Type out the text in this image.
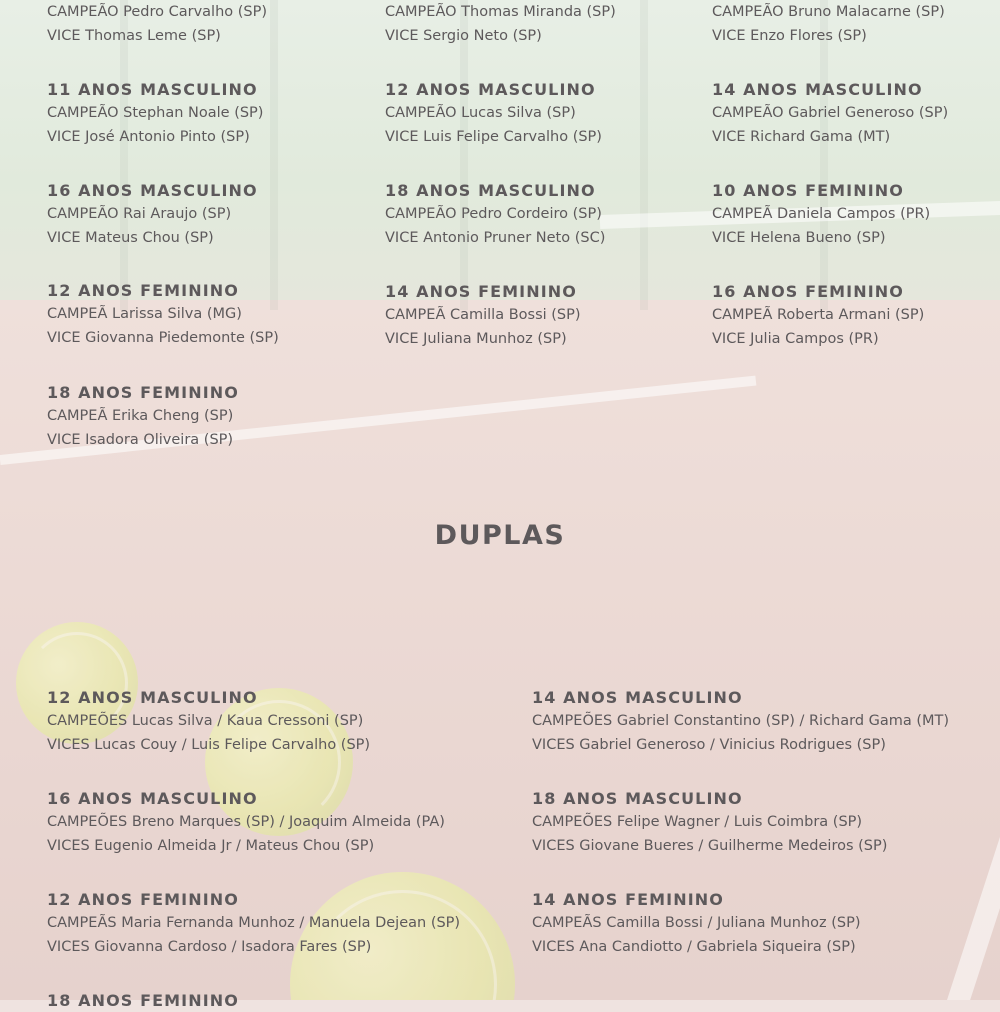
CAMPEÃO Pedro Carvalho (SP)
VICE Thomas Leme (SP)
CAMPEÃO Thomas Miranda (SP)
VICE Sergio Neto (SP)
CAMPEÃO Bruno Malacarne (SP)
VICE Enzo Flores (SP)
11 ANOS MASCULINO
CAMPEÃO Stephan Noale (SP)
VICE José Antonio Pinto (SP)
12 ANOS MASCULINO
CAMPEÃO Lucas Silva (SP)
VICE Luis Felipe Carvalho (SP)
14 ANOS MASCULINO
CAMPEÃO Gabriel Generoso (SP)
VICE Richard Gama (MT)
16 ANOS MASCULINO
CAMPEÃO Rai Araujo (SP)
VICE Mateus Chou (SP)
18 ANOS MASCULINO
CAMPEÃO Pedro Cordeiro (SP)
VICE Antonio Pruner Neto (SC)
10 ANOS FEMININO
CAMPEÃ Daniela Campos (PR)
VICE Helena Bueno (SP)
12 ANOS FEMININO
CAMPEÃ Larissa Silva (MG)
VICE Giovanna Piedemonte (SP)
14 ANOS FEMININO
CAMPEÃ Camilla Bossi (SP)
VICE Juliana Munhoz (SP)
16 ANOS FEMININO
CAMPEÃ Roberta Armani (SP)
VICE Julia Campos (PR)
18 ANOS FEMININO
CAMPEÃ Erika Cheng (SP)
VICE Isadora Oliveira (SP)
DUPLAS
12 ANOS MASCULINO
CAMPEÕES Lucas Silva / Kaua Cressoni (SP)
VICES Lucas Couy / Luis Felipe Carvalho (SP)
14 ANOS MASCULINO
CAMPEÕES Gabriel Constantino (SP) / Richard Gama (MT)
VICES Gabriel Generoso / Vinicius Rodrigues (SP)
16 ANOS MASCULINO
CAMPEÕES Breno Marques (SP) / Joaquim Almeida (PA)
VICES Eugenio Almeida Jr / Mateus Chou (SP)
18 ANOS MASCULINO
CAMPEÕES Felipe Wagner / Luis Coimbra (SP)
VICES Giovane Bueres / Guilherme Medeiros (SP)
12 ANOS FEMININO
CAMPEÃS Maria Fernanda Munhoz / Manuela Dejean (SP)
VICES Giovanna Cardoso / Isadora Fares (SP)
14 ANOS FEMININO
CAMPEÃS Camilla Bossi / Juliana Munhoz (SP)
VICES Ana Candiotto / Gabriela Siqueira (SP)
18 ANOS FEMININO
